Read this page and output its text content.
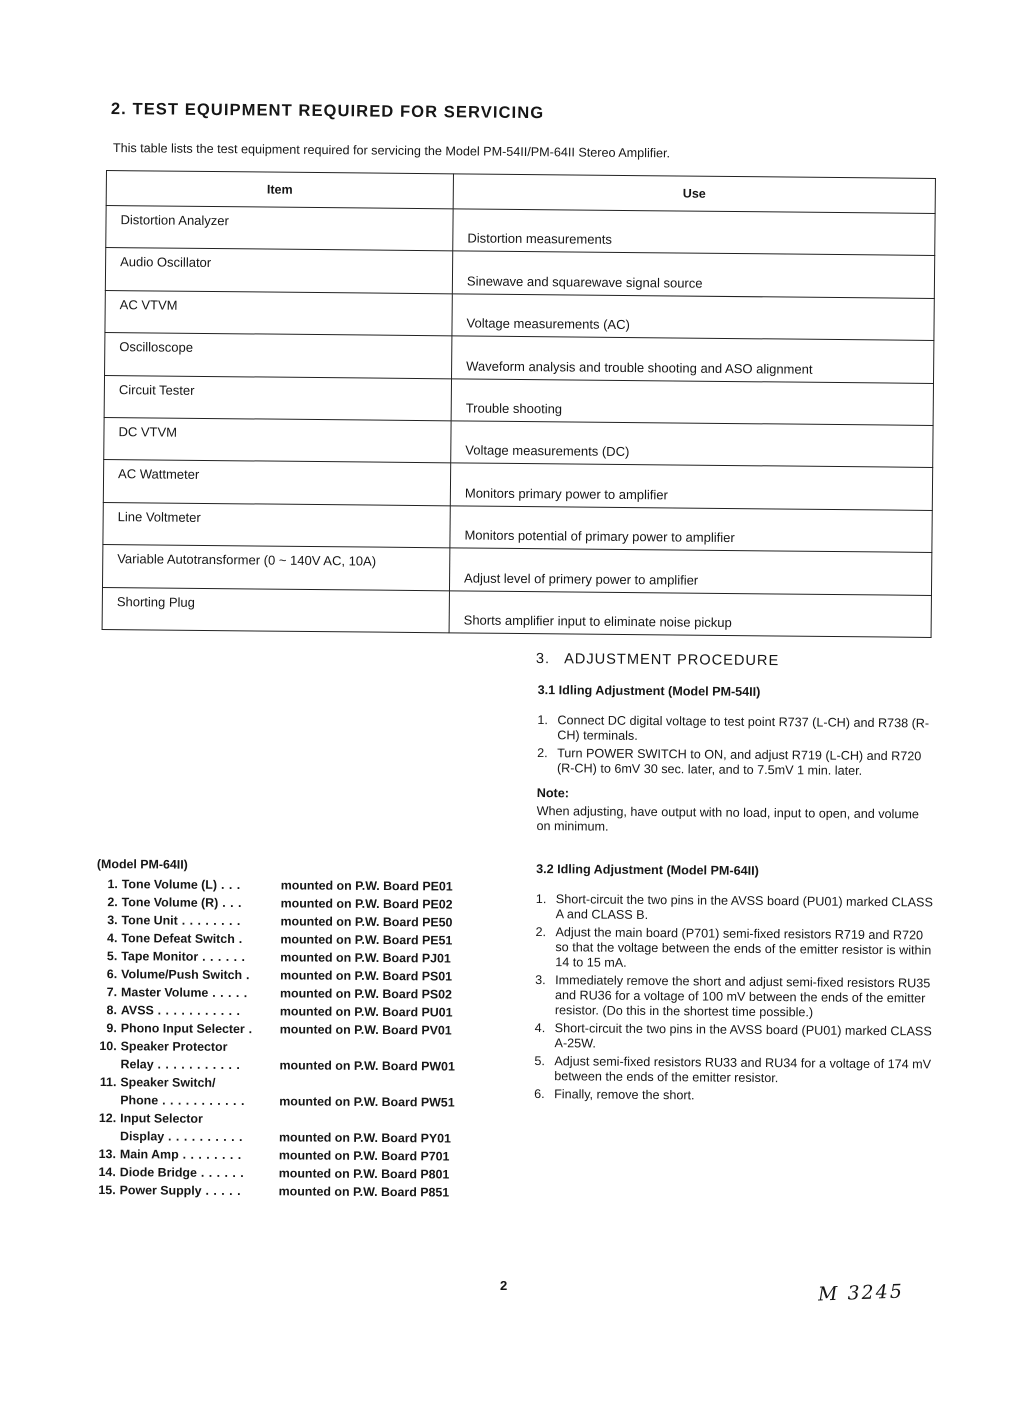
2. TEST EQUIPMENT REQUIRED FOR SERVICING

This table lists the test equipment required for servicing the Model PM-54II/PM-64II Stereo Amplifier.

Item	Use
Distortion Analyzer	Distortion measurements
Audio Oscillator	Sinewave and squarewave signal source
AC VTVM	Voltage measurements (AC)
Oscilloscope	Waveform analysis and trouble shooting and ASO alignment
Circuit Tester	Trouble shooting
DC VTVM	Voltage measurements (DC)
AC Wattmeter	Monitors primary power to amplifier
Line Voltmeter	Monitors potential of primary power to amplifier
Variable Autotransformer (0 ~ 140V AC, 10A)	Adjust level of primery power to amplifier
Shorting Plug	Shorts amplifier input to eliminate noise pickup
3. ADJUSTMENT PROCEDURE
3.1 Idling Adjustment (Model PM-54II)
1. Connect DC digital voltage to test point R737 (L-CH) and R738 (R-CH) terminals.
2. Turn POWER SWITCH to ON, and adjust R719 (L-CH) and R720 (R-CH) to 6mV 30 sec. later, and to 7.5mV 1 min. later.
Note:
When adjusting, have output with no load, input to open, and volume on minimum.
3.2 Idling Adjustment (Model PM-64II)
1. Short-circuit the two pins in the AVSS board (PU01) marked CLASS A and CLASS B.
2. Adjust the main board (P701) semi-fixed resistors R719 and R720 so that the voltage between the ends of the emitter resistor is within 14 to 15 mA.
3. Immediately remove the short and adjust semi-fixed resistors RU35 and RU36 for a voltage of 100 mV between the ends of the emitter resistor. (Do this in the shortest time possible.)
4. Short-circuit the two pins in the AVSS board (PU01) marked CLASS A-25W.
5. Adjust semi-fixed resistors RU33 and RU34 for a voltage of 174 mV between the ends of the emitter resistor.
6. Finally, remove the short.
(Model PM-64II)
1. Tone Volume (L) . . .	mounted on P.W. Board PE01
2. Tone Volume (R) . . .	mounted on P.W. Board PE02
3. Tone Unit . . . . . . . .	mounted on P.W. Board PE50
4. Tone Defeat Switch .	mounted on P.W. Board PE51
5. Tape Monitor . . . . . .	mounted on P.W. Board PJ01
6. Volume/Push Switch . mounted on P.W. Board PS01
7. Master Volume . . . . .	mounted on P.W. Board PS02
8. AVSS . . . . . . . . . . .	mounted on P.W. Board PU01
9. Phono Input Selecter . mounted on P.W. Board PV01
10. Speaker Protector
Relay . . . . . . . . . . .	mounted on P.W. Board PW01
11. Speaker Switch/
Phone . . . . . . . . . . .	mounted on P.W. Board PW51
12. Input Selector
Display . . . . . . . . . .	mounted on P.W. Board PY01
13. Main Amp . . . . . . . .	mounted on P.W. Board P701
14. Diode Bridge . . . . . .	mounted on P.W. Board P801
15. Power Supply . . . . .	mounted on P.W. Board P851
2	M 3245
